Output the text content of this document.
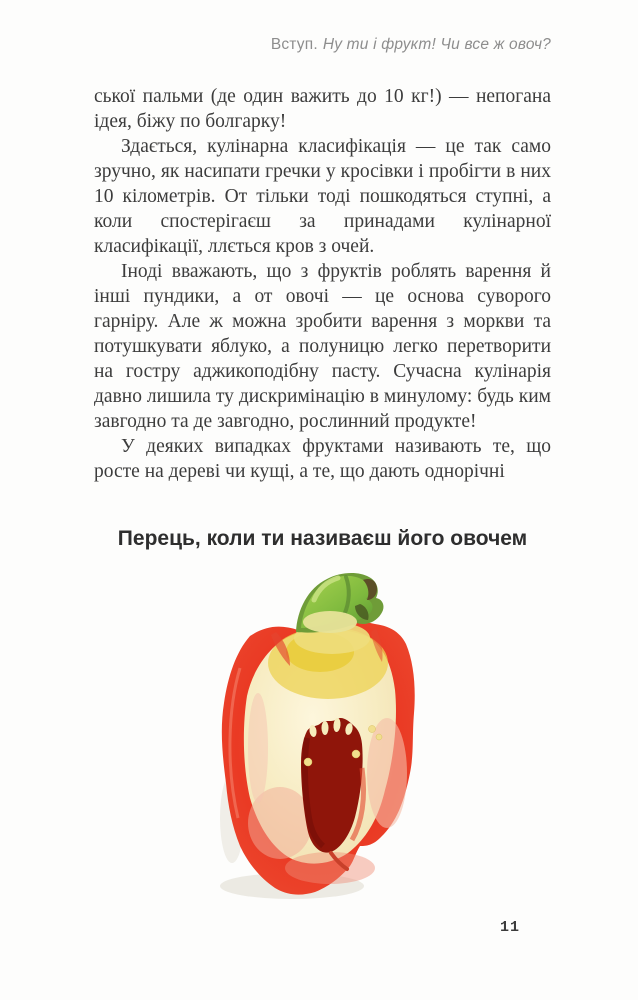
Вступ. Ну ти і фрукт! Чи все ж овоч?

ської пальми (де один важить до 10 кг!) — непогана ідея, біжу по болгарку!

Здається, кулінарна класифікація — це так само зручно, як насипати гречки у кросівки і пробігти в них 10 кілометрів. От тільки тоді пошкодяться ступні, а коли спостерігаєш за принадами кулінарної класифікації, ллється кров з очей.

Іноді вважають, що з фруктів роблять варення й інші пундики, а от овочі — це основа суворого гарніру. Але ж можна зробити варення з моркви та потушкувати яблуко, а полуницю легко перетворити на гостру аджикоподібну пасту. Сучасна кулінарія давно лишила ту дискримінацію в минулому: будь ким завгодно та де завгодно, рослинний продукте!

У деяких випадках фруктами називають те, що росте на дереві чи кущі, а те, що дають однорічні

Перець, коли ти називаєш його овочем
11
